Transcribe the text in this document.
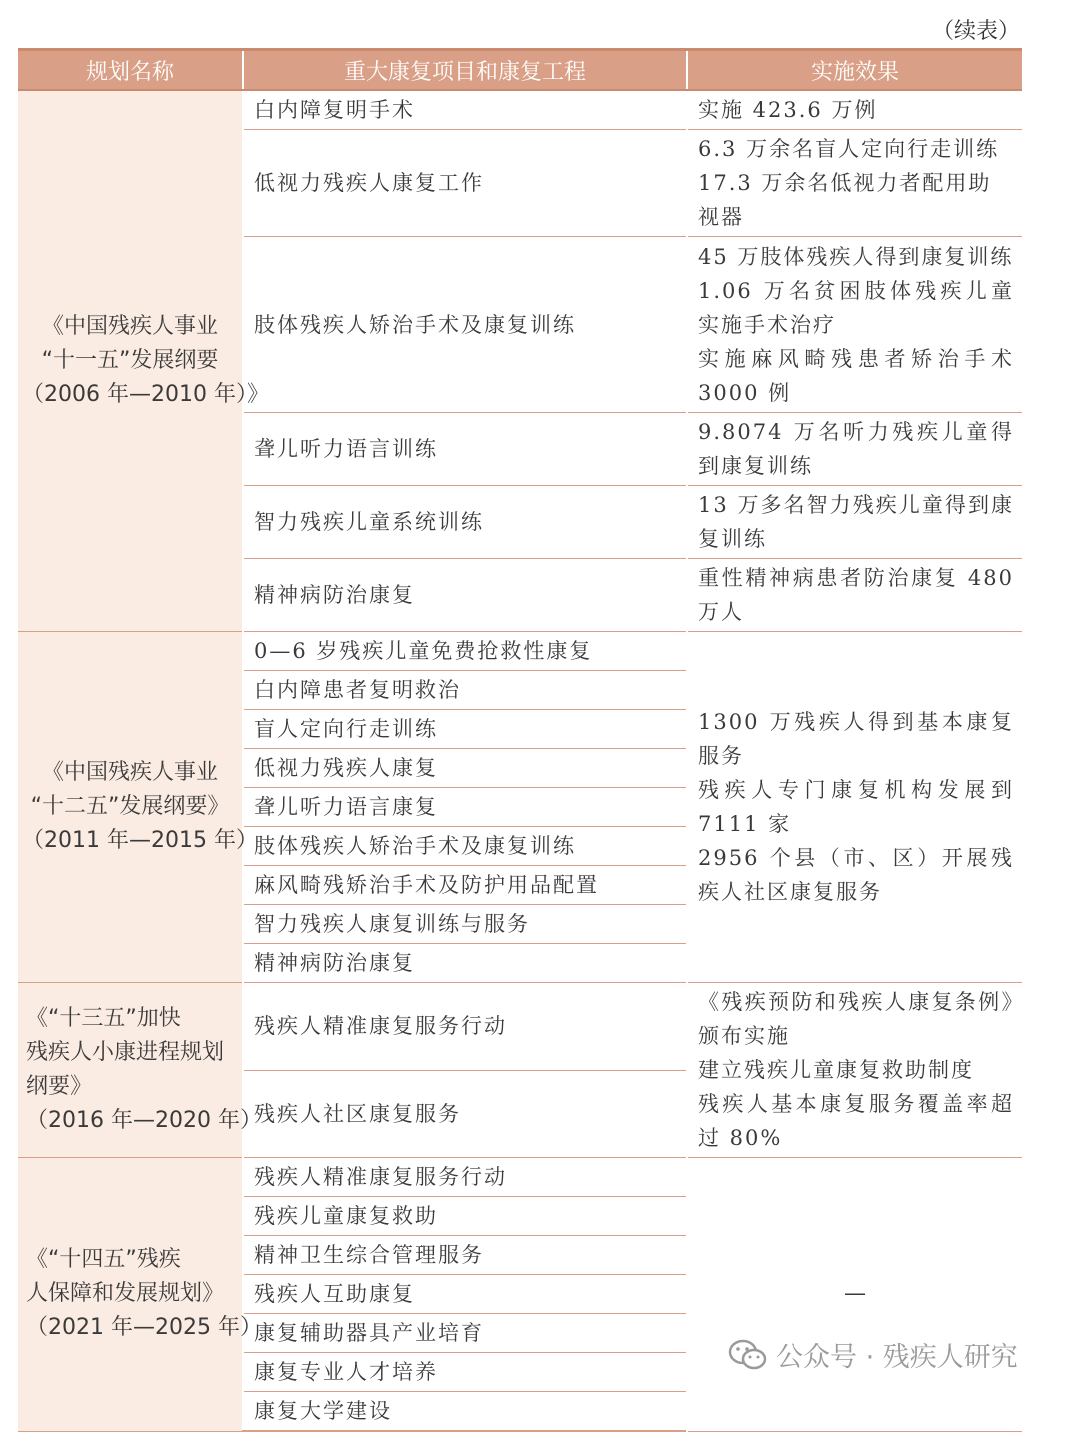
（续表）
规划名称	重大康复项目和康复工程	实施效果

《中国残疾人事业
“十一五”发展纲要
（2006 年—2010 年）》	白内障复明手术	实施 423.6 万例

	低视力残疾人康复工作	6.3 万余名盲人定向行走训练
17.3 万余名低视力者配用助视器

	肢体残疾人矫治手术及康复训练	45 万肢体残疾人得到康复训练
1.06 万名贫困肢体残疾儿童实施手术治疗
实施麻风畸残患者矫治手术 3000 例

	聋儿听力语言训练	9.8074 万名听力残疾儿童得到康复训练

	智力残疾儿童系统训练	13 万多名智力残疾儿童得到康复训练

	精神病防治康复	重性精神病患者防治康复 480 万人

《中国残疾人事业
“十二五”发展纲要》
（2011 年—2015 年）	0—6 岁残疾儿童免费抢救性康复	1300 万残疾人得到基本康复服务
残疾人专门康复机构发展到 7111 家
2956 个县（市、区）开展残疾人社区康复服务

	白内障患者复明救治	
	盲人定向行走训练	
	低视力残疾人康复	
	聋儿听力语言康复	
	肢体残疾人矫治手术及康复训练	
	麻风畸残矫治手术及防护用品配置	
	智力残疾人康复训练与服务	
	精神病防治康复	

《“十三五”加快
残疾人小康进程规划
纲要》
（2016 年—2020 年）	残疾人精准康复服务行动	《残疾预防和残疾人康复条例》颁布实施
建立残疾儿童康复救助制度
残疾人基本康复服务覆盖率超过 80%

	残疾人社区康复服务	

《“十四五”残疾
人保障和发展规划》
（2021 年—2025 年）	残疾人精准康复服务行动	—
	残疾儿童康复救助	
	精神卫生综合管理服务	
	残疾人互助康复	
	康复辅助器具产业培育	
	康复专业人才培养	
	康复大学建设	
公众号 · 残疾人研究
